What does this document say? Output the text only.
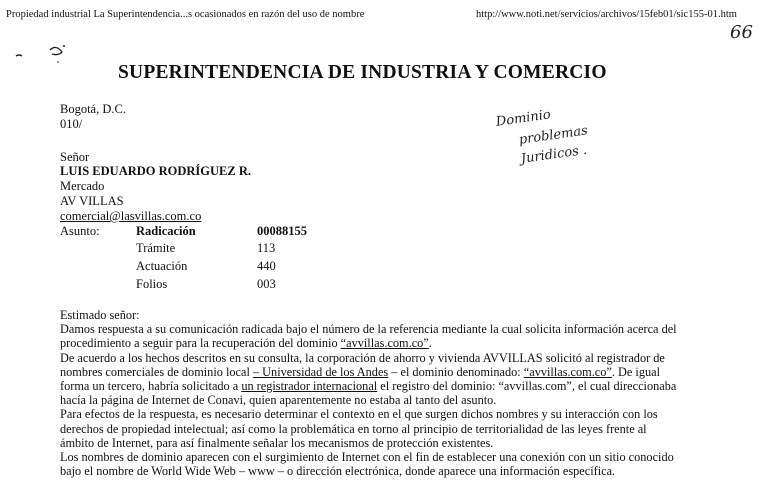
Propiedad industrial La Superintendencia...s ocasionados en razón del uso de nombre	http://www.noti.net/servicios/archivos/15feb01/sic155-01.htm
66
SUPERINTENDENCIA DE INDUSTRIA Y COMERCIO
Bogotá, D.C.
010/	Dominio
problemas
Juridicos .
Señor
LUIS EDUARDO RODRÍGUEZ R.
Mercado
AV VILLAS
comercial@lasvillas.com.co
Asunto:	Radicación	00088155
Trámite	113
Actuación	440
Folios	003

Estimado señor:

Damos respuesta a su comunicación radicada bajo el número de la referencia mediante la cual solicita información acerca del
procedimiento a seguir para la recuperación del dominio “avvillas.com.co”.

De acuerdo a los hechos descritos en su consulta, la corporación de ahorro y vivienda AVVILLAS solicitó al registrador de
nombres comerciales de dominio local – Universidad de los Andes – el dominio denominado: “avvillas.com.co”. De igual
forma un tercero, habría solicitado a un registrador internacional el registro del dominio: “avvillas.com”, el cual direccionaba
hacía la página de Internet de Conavi, quien aparentemente no estaba al tanto del asunto.

Para efectos de la respuesta, es necesario determinar el contexto en el que surgen dichos nombres y su interacción con los
derechos de propiedad intelectual; así como la problemática en torno al principio de territorialidad de las leyes frente al
ámbito de Internet, para así finalmente señalar los mecanismos de protección existentes.

Los nombres de dominio aparecen con el surgimiento de Internet con el fin de establecer una conexión con un sitio conocido
bajo el nombre de World Wide Web – www – o dirección electrónica, donde aparece una información específica.
